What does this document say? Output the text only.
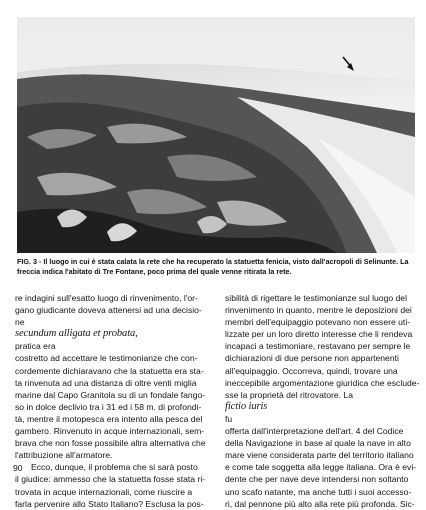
FIG. 3 - Il luogo in cui è stata calata la rete che ha recuperato la statuetta fenicia, visto dall'acropoli di Selinunte. La freccia indica l'abitato di Tre Fontane, poco prima del quale venne ritirata la rete.

re indagini sull'esatto luogo di rinvenimento, l'or-
gano giudicante doveva attenersi ad una decisio-
ne
secundum alligata et probata,
pratica era
costretto ad accettare le testimonianze che con-
cordemente dichiaravano che la statuetta era sta-
ta rinvenuta ad una distanza di oltre venti miglia
marine dal Capo Granitola su di un fondale fango-
so in dolce declivio tra i 31 ed i 58 m. di profondi-
tà, mentre il motopesca era intento alla pesca del
gambero. Rinvenuto in acque internazionali, sem-
brava che non fosse possibile altra alternativa che
l'attribuzione all'armatore.
Ecco, dunque, il problema che si sarà posto
il giudice: ammesso che la statuetta fosse stata ri-
trovata in acque internazionali, come riuscire a
farla pervenire allo Stato Italiano? Esclusa la pos-
sibilità di rigettare le testimonianze sul luogo del
rinvenimento in quanto, mentre le deposizioni dei
membri dell'equipaggio potevano non essere uti-
lizzate per un loro diretto interesse che li rendeva
incapaci a testimoniare, restavano per sempre le
dichiarazioni di due persone non appartenenti
all'equipaggio. Occorreva, quindi, trovare una
ineccepibile argomentazione giuridica che esclude-
sse la proprietà del ritrovatore. La
fictio iuris
fu
offerta dall'interpretazione dell'art. 4 del Codice
della Navigazione in base al quale la nave in alto
mare viene considerata parte del territorio italiano
e come tale soggetta alla legge italiana. Ora è evi-
dente che per nave deve intendersi non soltanto
uno scafo natante, ma anche tutti i suoi accesso-
ri, dal pennone più alto alla rete più profonda. Sic-

90
